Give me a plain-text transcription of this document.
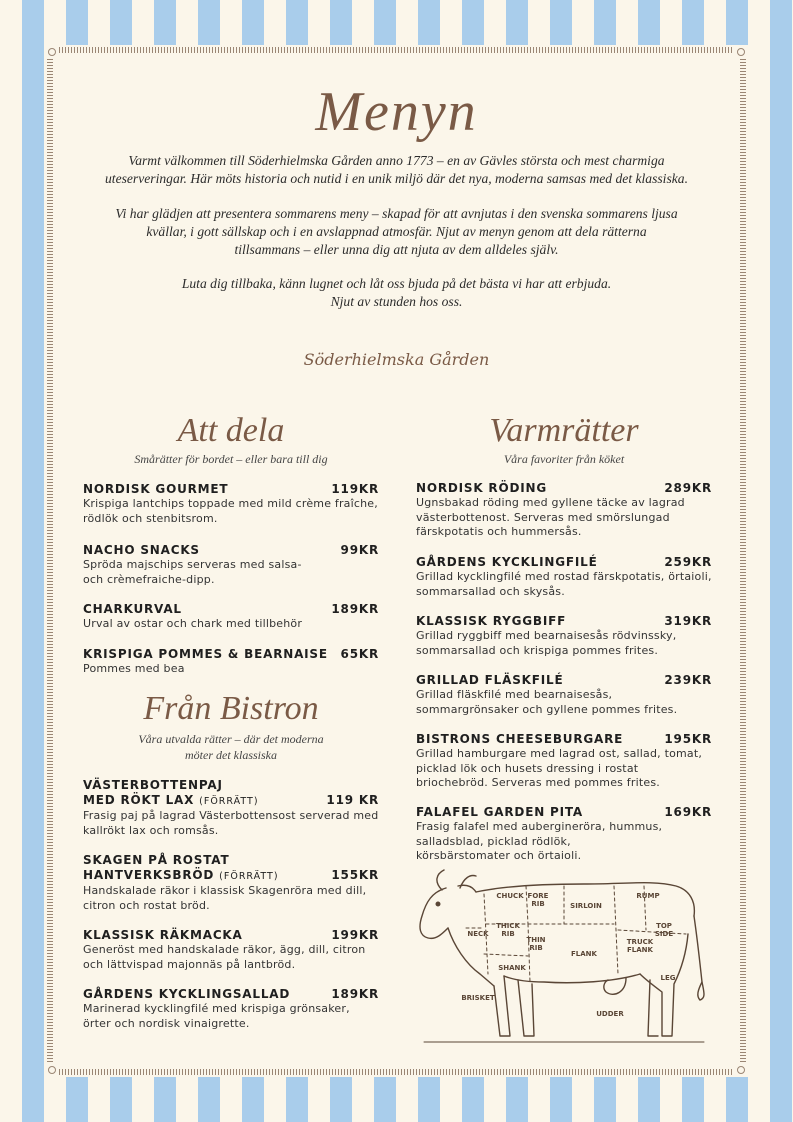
Menyn
Varmt välkommen till Söderhielmska Gården anno 1773 – en av Gävles största och mest charmiga
uteserveringar. Här möts historia och nutid i en unik miljö där det nya, moderna samsas med det klassiska.
Vi har glädjen att presentera sommarens meny – skapad för att avnjutas i den svenska sommarens ljusa
kvällar, i gott sällskap och i en avslappnad atmosfär. Njut av menyn genom att dela rätterna
tillsammans – eller unna dig att njuta av dem alldeles själv.
Luta dig tillbaka, känn lugnet och låt oss bjuda på det bästa vi har att erbjuda.
Njut av stunden hos oss.
Söderhielmska Gården
Att dela
Smårätter för bordet – eller bara till dig
NORDISK GOURMET	119KR
Krispiga lantchips toppade med mild crème fraîche, rödlök och stenbitsrom.
NACHO SNACKS	99KR
Spröda majschips serveras med salsa- och crèmefraiche-dipp.
CHARKURVAL	189KR
Urval av ostar och chark med tillbehör
KRISPIGA POMMES & BEARNAISE 65KR
Pommes med bea
Från Bistron
Våra utvalda rätter – där det moderna
möter det klassiska
VÄSTERBOTTENPAJ
MED RÖKT LAX (FÖRRÄTT)	119 KR
Frasig paj på lagrad Västerbottensost serverad med kallrökt lax och romsås.
SKAGEN PÅ ROSTAT
HANTVERKSBRÖD (FÖRRÄTT)	155KR
Handskalade räkor i klassisk Skagenröra med dill, citron och rostat bröd.
KLASSISK RÄKMACKA	199KR
Generöst med handskalade räkor, ägg, dill, citron och lättvispad majonnäs på lantbröd.
GÅRDENS KYCKLINGSALLAD	189KR
Marinerad kycklingfilé med krispiga grönsaker, örter och nordisk vinaigrette.
Varmrätter
Våra favoriter från köket
NORDISK RÖDING	289KR
Ugnsbakad röding med gyllene täcke av lagrad västerbottenost. Serveras med smörslungad färskpotatis och hummersås.
GÅRDENS KYCKLINGFILÉ	259KR
Grillad kycklingfilé med rostad färskpotatis, örtaioli, sommarsallad och skysås.
KLASSISK RYGGBIFF	319KR
Grillad ryggbiff med bearnaisesås rödvinssky, sommarsallad och krispiga pommes frites.
GRILLAD FLÄSKFILÉ	239KR
Grillad fläskfilé med bearnaisesås, sommargrönsaker och gyllene pommes frites.
BISTRONS CHEESEBURGARE	195KR
Grillad hamburgare med lagrad ost, sallad, tomat, picklad lök och husets dressing i rostat briochebröd. Serveras med pommes frites.
FALAFEL GARDEN PITA	169KR
Frasig falafel med auberginеröra, hummus, salladsblad, picklad rödlök, körsbärstomater och örtaioli.
CHUCK FORE
RIB	SIRLOIN
RUMP
THICK
RIB
NECK
THIN
RIB
FLANK
TRUCK
FLANK
TOP
SIDE
SHANK
LEG
BRISKET
UDDER
